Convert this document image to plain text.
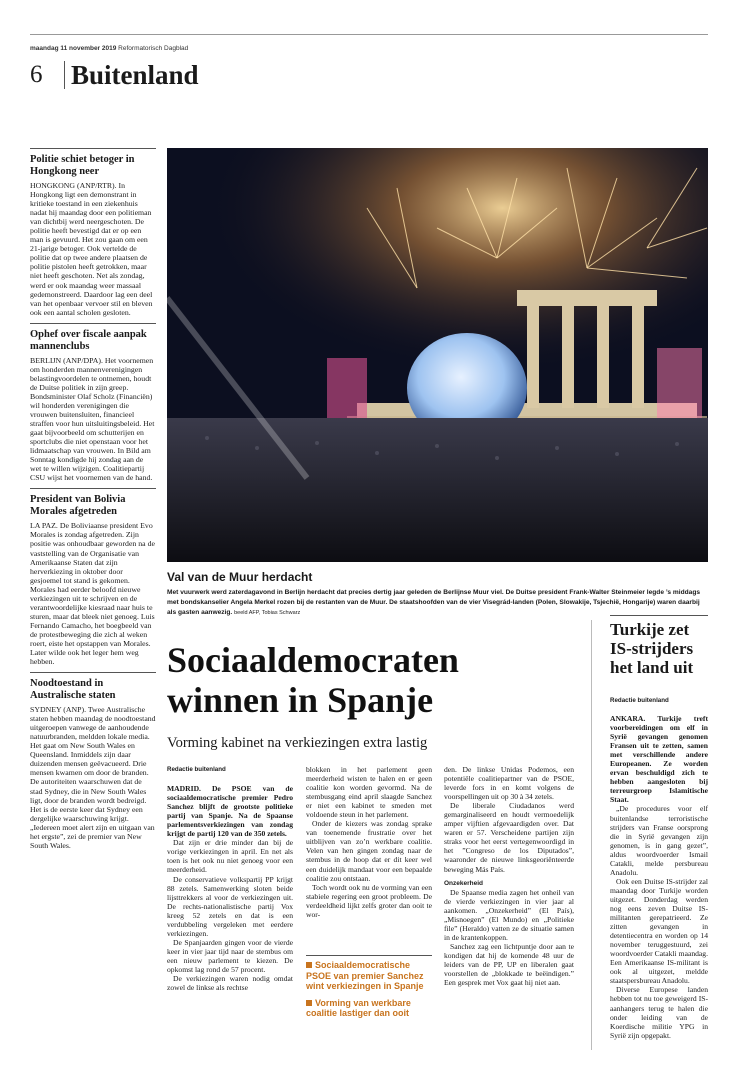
maandag 11 november 2019 Reformatorisch Dagblad
6	Buitenland
Politie schiet betoger in Hongkong neer

HONGKONG (ANP/RTR). In Hongkong ligt een demonstrant in kritieke toestand in een ziekenhuis nadat hij maandag door een politieman van dichtbij werd neergeschoten. De politie heeft bevestigd dat er op een man is gevuurd. Het zou gaan om een 21-jarige betoger. Ook vertelde de politie dat op twee andere plaatsen de politie pistolen heeft getrokken, maar niet heeft geschoten. Net als zondag, werd er ook maandag weer massaal gedemonstreerd. Daardoor lag een deel van het openbaar vervoer stil en bleven ook een aantal scholen gesloten.

Ophef over fiscale aanpak mannenclubs

BERLIJN (ANP/DPA). Het voornemen om honderden mannenverenigingen belastingvoordelen te ontnemen, houdt de Duitse politiek in zijn greep. Bondsminister Olaf Scholz (Financiën) wil honderden verenigingen die vrouwen buitensluiten, financieel straffen voor hun uitsluitingsbeleid. Het gaat bijvoorbeeld om schutterijen en sportclubs die niet openstaan voor het lidmaatschap van vrouwen. In Bild am Sonntag kondigde hij zondag aan de wet te willen wijzigen. Coalitiepartij CSU wijst het voornemen van de hand.

President van Bolivia Morales afgetreden

LA PAZ. De Boliviaanse president Evo Morales is zondag afgetreden. Zijn positie was onhoudbaar geworden na de vaststelling van de Organisatie van Amerikaanse Staten dat zijn herverkiezing in oktober door gesjoemel tot stand is gekomen. Morales had eerder beloofd nieuwe verkiezingen uit te schrijven en de verantwoordelijke kiesraad naar huis te sturen, maar dat bleek niet genoeg. Luis Fernando Camacho, het boegbeeld van de protestbeweging die zich al weken roert, eiste het opstappen van Morales. Later wilde ook het leger hem weg hebben.

Noodtoestand in Australische staten

SYDNEY (ANP). Twee Australische staten hebben maandag de noodtoestand uitgeroepen vanwege de aanhoudende natuurbranden, meldden lokale media. Het gaat om New South Wales en Queensland. Inmiddels zijn daar duizenden mensen geëvacueerd. Drie mensen kwamen om door de branden. De autoriteiten waarschuwen dat de stad Sydney, die in New South Wales ligt, door de branden wordt bedreigd. Het is de eerste keer dat Sydney een dergelijke waarschuwing krijgt. „Iedereen moet alert zijn en uitgaan van het ergste”, zei de premier van New South Wales.

Val van de Muur herdacht
Met vuurwerk werd zaterdagavond in Berlijn herdacht dat precies dertig jaar geleden de Berlijnse Muur viel. De Duitse president Frank-Walter Steinmeier legde ’s middags met bondskanselier Angela Merkel rozen bij de restanten van de Muur. De staatshoofden van de vier Visegrád-landen (Polen, Slowakije, Tsjechië, Hongarije) waren daarbij als gasten aanwezig. beeld AFP, Tobias Schwarz
Sociaaldemocraten winnen in Spanje
Vorming kabinet na verkiezingen extra lastig
Redactie buitenland

MADRID. De PSOE van de sociaaldemocratische premier Pedro Sanchez blijft de grootste politieke partij van Spanje. Na de Spaanse parlementsverkiezingen van zondag krijgt de partij 120 van de 350 zetels.

Dat zijn er drie minder dan bij de vorige verkiezingen in april. En net als toen is het ook nu niet genoeg voor een meerderheid.

De conservatieve volkspartij PP krijgt 88 zetels. Samenwerking sloten beide lijsttrekkers al voor de verkiezingen uit. De rechts-nationalistische partij Vox kreeg 52 zetels en dat is een verdubbeling vergeleken met eerdere verkiezingen.

De Spanjaarden gingen voor de vierde keer in vier jaar tijd naar de stembus om een nieuw parlement te kiezen. De opkomst lag rond de 57 procent.

De verkiezingen waren nodig omdat zowel de linkse als rechtse

blokken in het parlement geen meerderheid wisten te halen en er geen coalitie kon worden gevormd. Na de stembusgang eind april slaagde Sanchez er niet een kabinet te smeden met voldoende steun in het parlement.

Onder de kiezers was zondag sprake van toenemende frustratie over het uitblijven van zo’n werkbare coalitie. Velen van hen gingen zondag naar de stembus in de hoop dat er dit keer wel een duidelijk mandaat voor een bepaalde coalitie zou ontstaan.

Toch wordt ook nu de vorming van een stabiele regering een groot probleem. De verdeeldheid lijkt zelfs groter dan ooit te wor-

Sociaaldemocratische PSOE van premier Sanchez wint verkiezingen in Spanje
Vorming van werkbare coalitie lastiger dan ooit

den. De linkse Unidas Podemos, een potentiële coalitiepartner van de PSOE, leverde fors in en komt volgens de voorspellingen uit op 30 à 34 zetels.

De liberale Ciudadanos werd gemarginaliseerd en houdt vermoedelijk amper vijftien afgevaardigden over. Dat waren er 57. Verscheidene partijen zijn straks voor het eerst vertegenwoordigd in het ”Congreso de los Diputados”, waaronder de nieuwe linksgeoriënteerde beweging Más País.

Onzekerheid

De Spaanse media zagen het onheil van de vierde verkiezingen in vier jaar al aankomen. „Onzekerheid” (El País), „Misnoegen” (El Mundo) en „Politieke file” (Heraldo) vatten ze de situatie samen in de krantenkoppen.

Sanchez zag een lichtpuntje door aan te kondigen dat hij de komende 48 uur de leiders van de PP, UP en liberalen gaat voorstellen de „blokkade te beëindigen.” Een gesprek met Vox gaat hij niet aan.

Turkije zet IS-strijders het land uit
Redactie buitenland

ANKARA. Turkije treft voorbereidingen om elf in Syrië gevangen genomen Fransen uit te zetten, samen met verschillende andere Europeanen. Ze worden ervan beschuldigd zich te hebben aangesloten bij terreurgroep Islamitische Staat.

„De procedures voor elf buitenlandse terroristische strijders van Franse oorsprong die in Syrië gevangen zijn genomen, is in gang gezet”, aldus woordvoerder Ismail Catakli, melde persbureau Anadolu.

Ook een Duitse IS-strijder zal maandag door Turkije worden uitgezet. Donderdag werden nog eens zeven Duitse IS-militanten gerepatrieerd. Ze zitten gevangen in detentiecentra en worden op 14 november teruggestuurd, zei woordvoerder Catakli maandag. Een Amerikaanse IS-militant is ook al uitgezet, meldde staatspersbureau Anadolu.

Diverse Europese landen hebben tot nu toe geweigerd IS-aanhangers terug te halen die onder leiding van de Koerdische militie YPG in Syrië zijn opgepakt.
